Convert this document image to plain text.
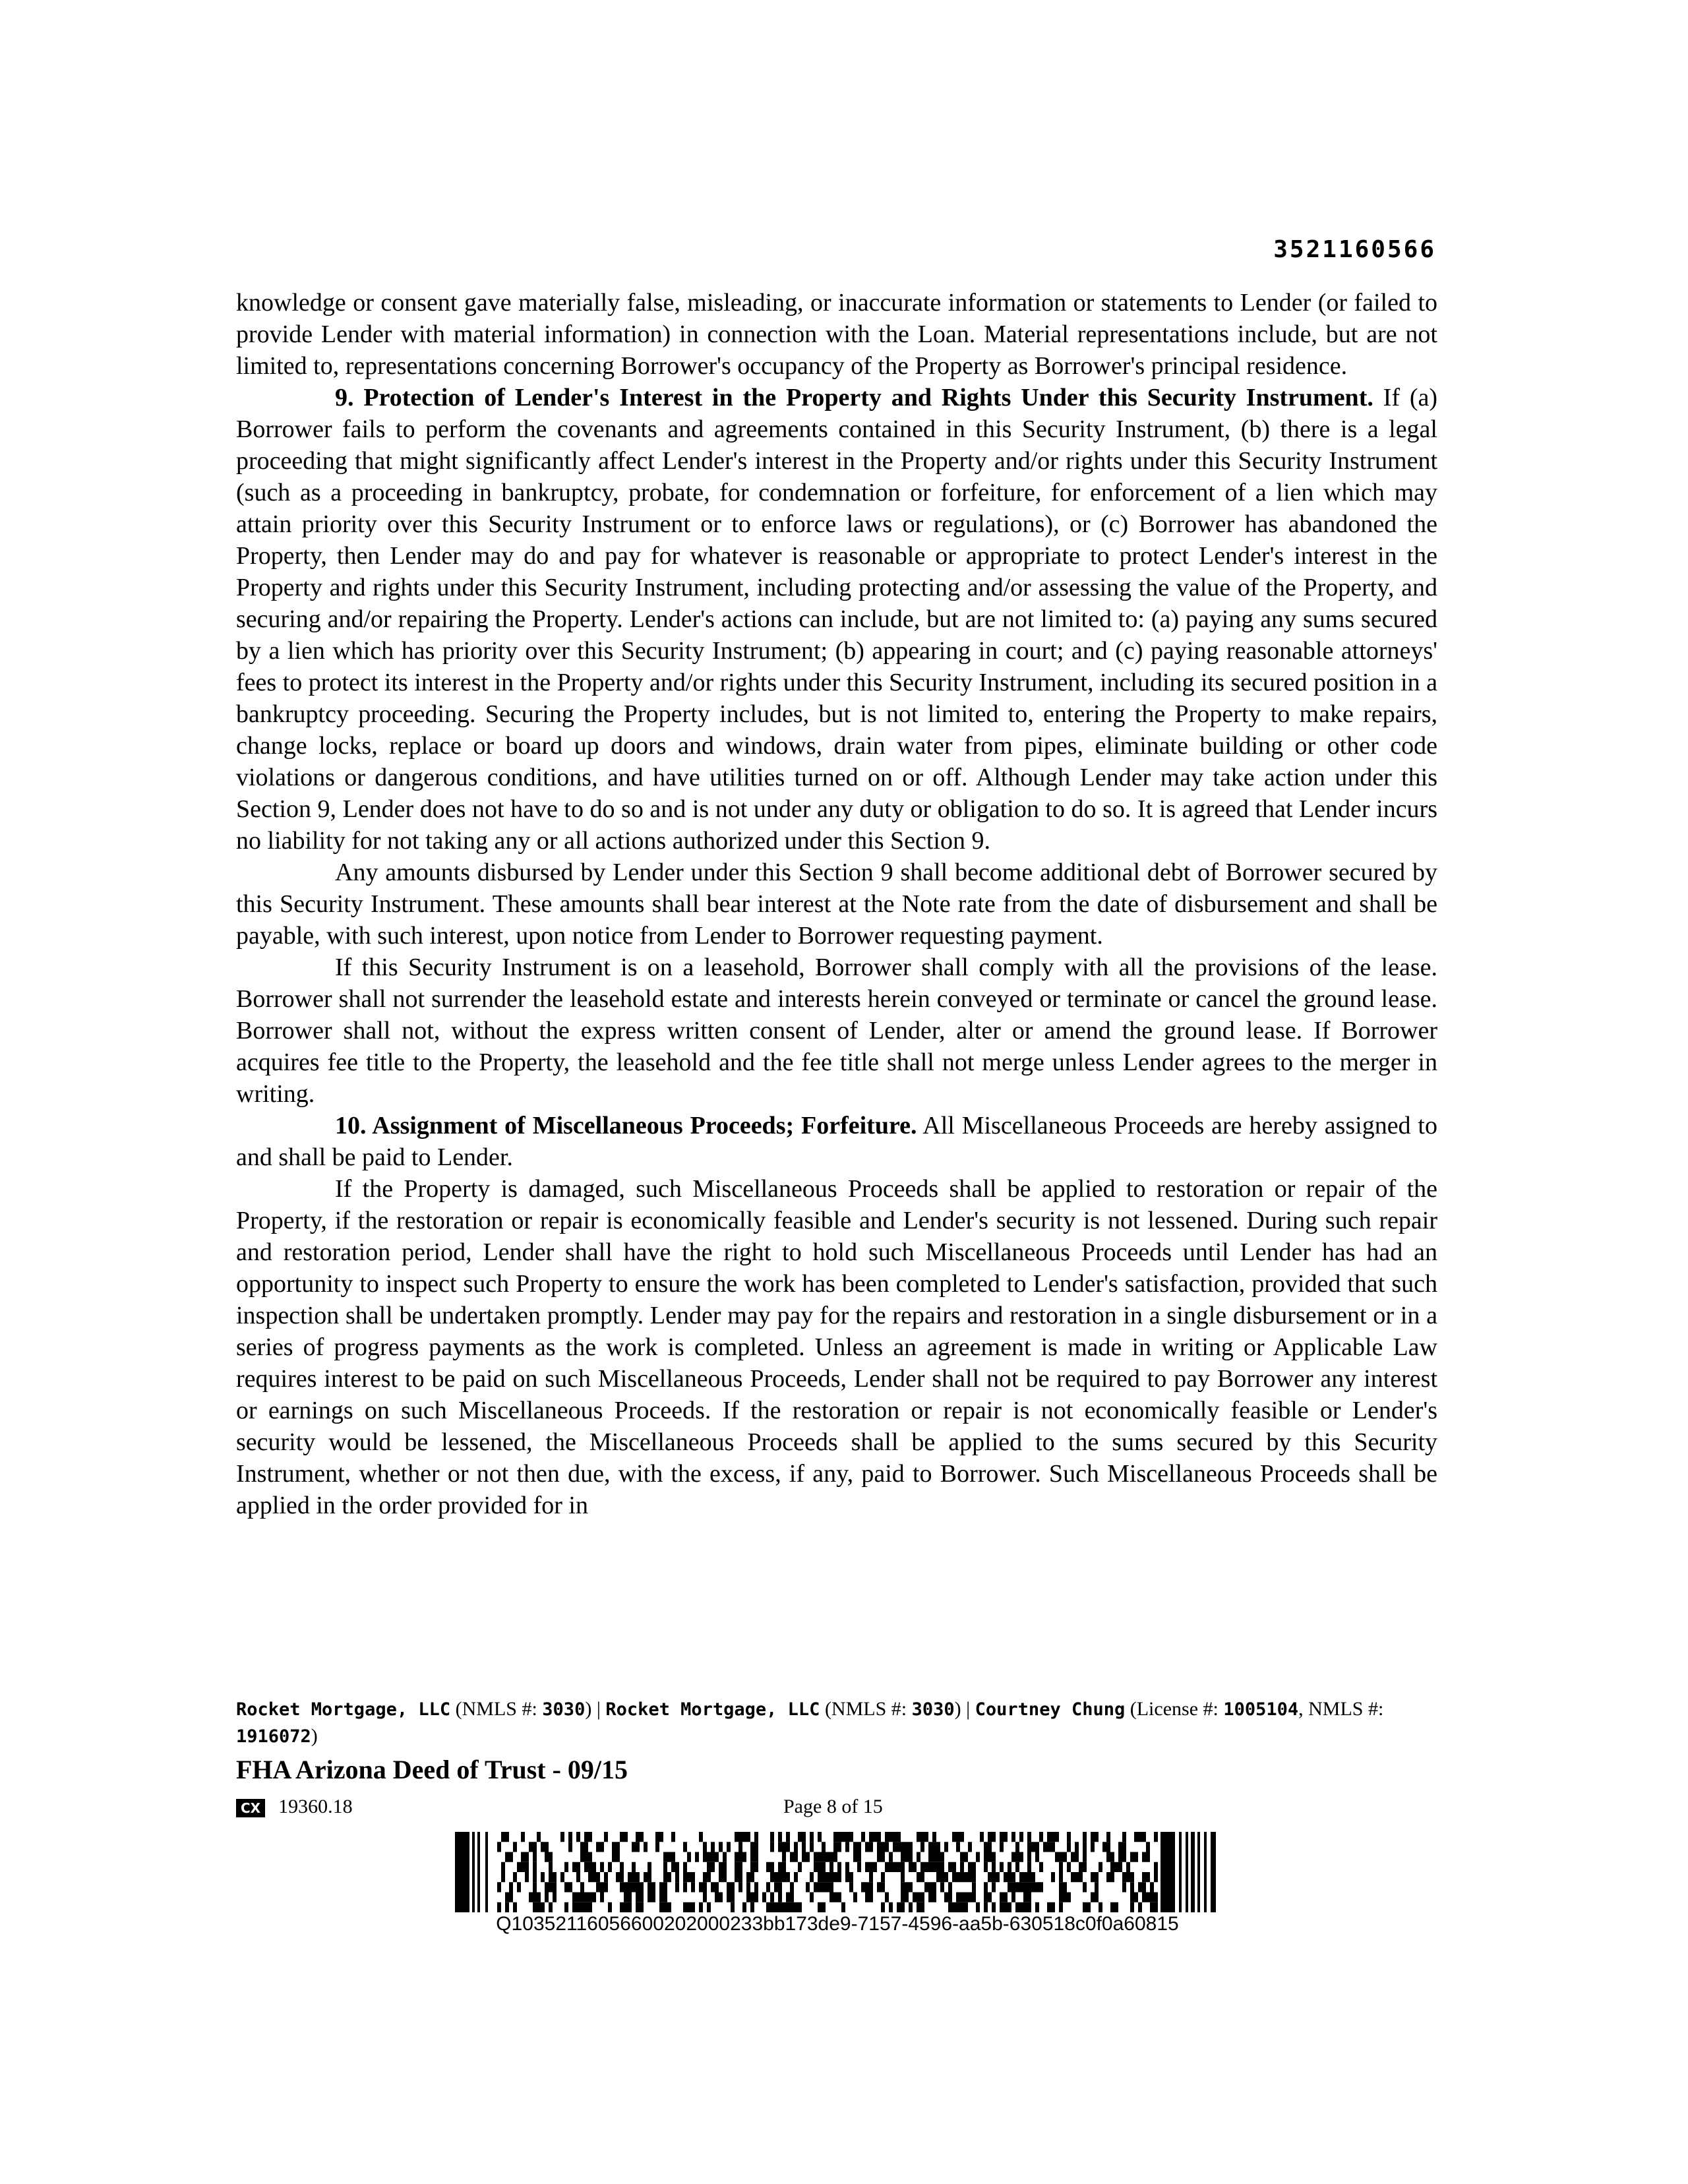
3521160566

knowledge or consent gave materially false, misleading, or inaccurate information or statements to Lender (or failed to provide Lender with material information) in connection with the Loan. Material representations include, but are not limited to, representations concerning Borrower's occupancy of the Property as Borrower's principal residence.

9. Protection of Lender's Interest in the Property and Rights Under this Security Instrument. If (a) Borrower fails to perform the covenants and agreements contained in this Security Instrument, (b) there is a legal proceeding that might significantly affect Lender's interest in the Property and/or rights under this Security Instrument (such as a proceeding in bankruptcy, probate, for condemnation or forfeiture, for enforcement of a lien which may attain priority over this Security Instrument or to enforce laws or regulations), or (c) Borrower has abandoned the Property, then Lender may do and pay for whatever is reasonable or appropriate to protect Lender's interest in the Property and rights under this Security Instrument, including protecting and/or assessing the value of the Property, and securing and/or repairing the Property. Lender's actions can include, but are not limited to: (a) paying any sums secured by a lien which has priority over this Security Instrument; (b) appearing in court; and (c) paying reasonable attorneys' fees to protect its interest in the Property and/or rights under this Security Instrument, including its secured position in a bankruptcy proceeding. Securing the Property includes, but is not limited to, entering the Property to make repairs, change locks, replace or board up doors and windows, drain water from pipes, eliminate building or other code violations or dangerous conditions, and have utilities turned on or off. Although Lender may take action under this Section 9, Lender does not have to do so and is not under any duty or obligation to do so. It is agreed that Lender incurs no liability for not taking any or all actions authorized under this Section 9.

Any amounts disbursed by Lender under this Section 9 shall become additional debt of Borrower secured by this Security Instrument. These amounts shall bear interest at the Note rate from the date of disbursement and shall be payable, with such interest, upon notice from Lender to Borrower requesting payment.

If this Security Instrument is on a leasehold, Borrower shall comply with all the provisions of the lease. Borrower shall not surrender the leasehold estate and interests herein conveyed or terminate or cancel the ground lease. Borrower shall not, without the express written consent of Lender, alter or amend the ground lease. If Borrower acquires fee title to the Property, the leasehold and the fee title shall not merge unless Lender agrees to the merger in writing.

10. Assignment of Miscellaneous Proceeds; Forfeiture. All Miscellaneous Proceeds are hereby assigned to and shall be paid to Lender.

If the Property is damaged, such Miscellaneous Proceeds shall be applied to restoration or repair of the Property, if the restoration or repair is economically feasible and Lender's security is not lessened. During such repair and restoration period, Lender shall have the right to hold such Miscellaneous Proceeds until Lender has had an opportunity to inspect such Property to ensure the work has been completed to Lender's satisfaction, provided that such inspection shall be undertaken promptly. Lender may pay for the repairs and restoration in a single disbursement or in a series of progress payments as the work is completed. Unless an agreement is made in writing or Applicable Law requires interest to be paid on such Miscellaneous Proceeds, Lender shall not be required to pay Borrower any interest or earnings on such Miscellaneous Proceeds. If the restoration or repair is not economically feasible or Lender's security would be lessened, the Miscellaneous Proceeds shall be applied to the sums secured by this Security Instrument, whether or not then due, with the excess, if any, paid to Borrower. Such Miscellaneous Proceeds shall be applied in the order provided for in

Rocket Mortgage, LLC (NMLS #: 3030) | Rocket Mortgage, LLC (NMLS #: 3030) | Courtney Chung (License #: 1005104, NMLS #: 1916072)
FHA Arizona Deed of Trust - 09/15
CX 19360.18	Page 8 of 15
Q1035211605660020200023​3bb173de9-7157-4596-aa5b-630518c0f0a60815
